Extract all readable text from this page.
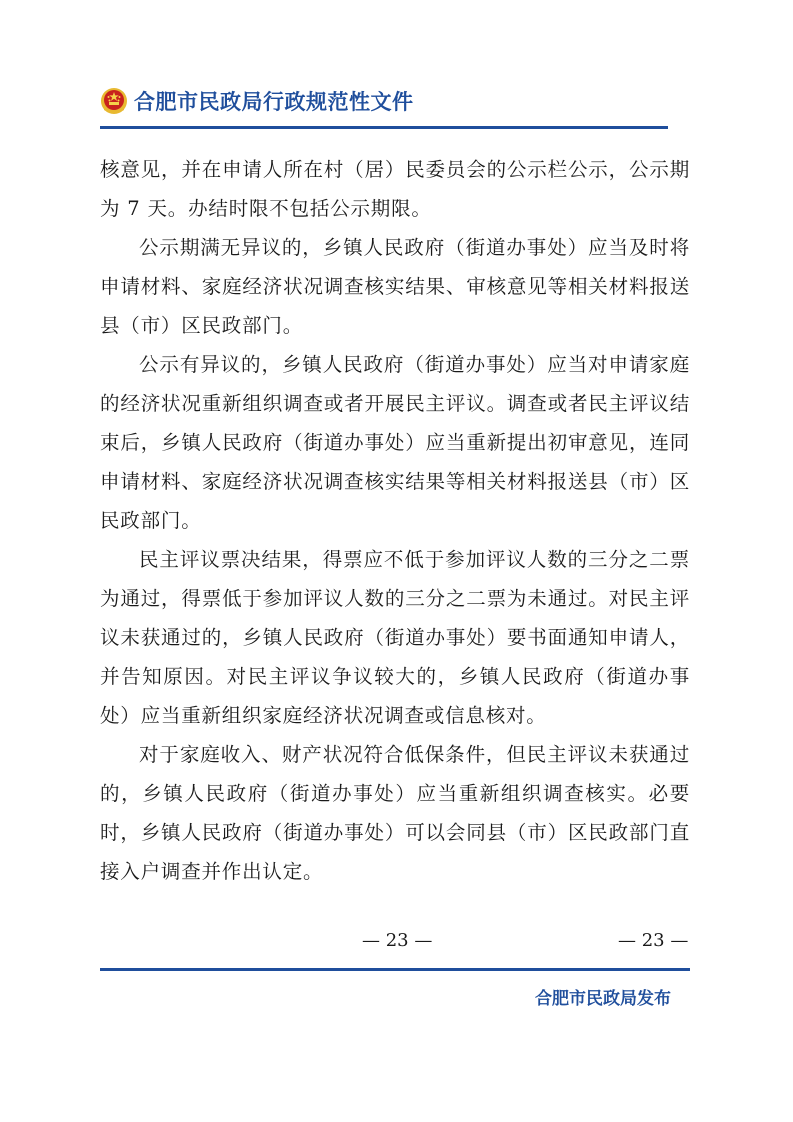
合肥市民政局行政规范性文件

核意见，并在申请人所在村（居）民委员会的公示栏公示，公示期为 7 天。办结时限不包括公示期限。

公示期满无异议的，乡镇人民政府（街道办事处）应当及时将申请材料、家庭经济状况调查核实结果、审核意见等相关材料报送县（市）区民政部门。

公示有异议的，乡镇人民政府（街道办事处）应当对申请家庭的经济状况重新组织调查或者开展民主评议。调查或者民主评议结束后，乡镇人民政府（街道办事处）应当重新提出初审意见，连同申请材料、家庭经济状况调查核实结果等相关材料报送县（市）区民政部门。

民主评议票决结果，得票应不低于参加评议人数的三分之二票为通过，得票低于参加评议人数的三分之二票为未通过。对民主评议未获通过的，乡镇人民政府（街道办事处）要书面通知申请人，并告知原因。对民主评议争议较大的，乡镇人民政府（街道办事处）应当重新组织家庭经济状况调查或信息核对。

对于家庭收入、财产状况符合低保条件，但民主评议未获通过的，乡镇人民政府（街道办事处）应当重新组织调查核实。必要时，乡镇人民政府（街道办事处）可以会同县（市）区民政部门直接入户调查并作出认定。

— 23 —	— 23 —
合肥市民政局发布
